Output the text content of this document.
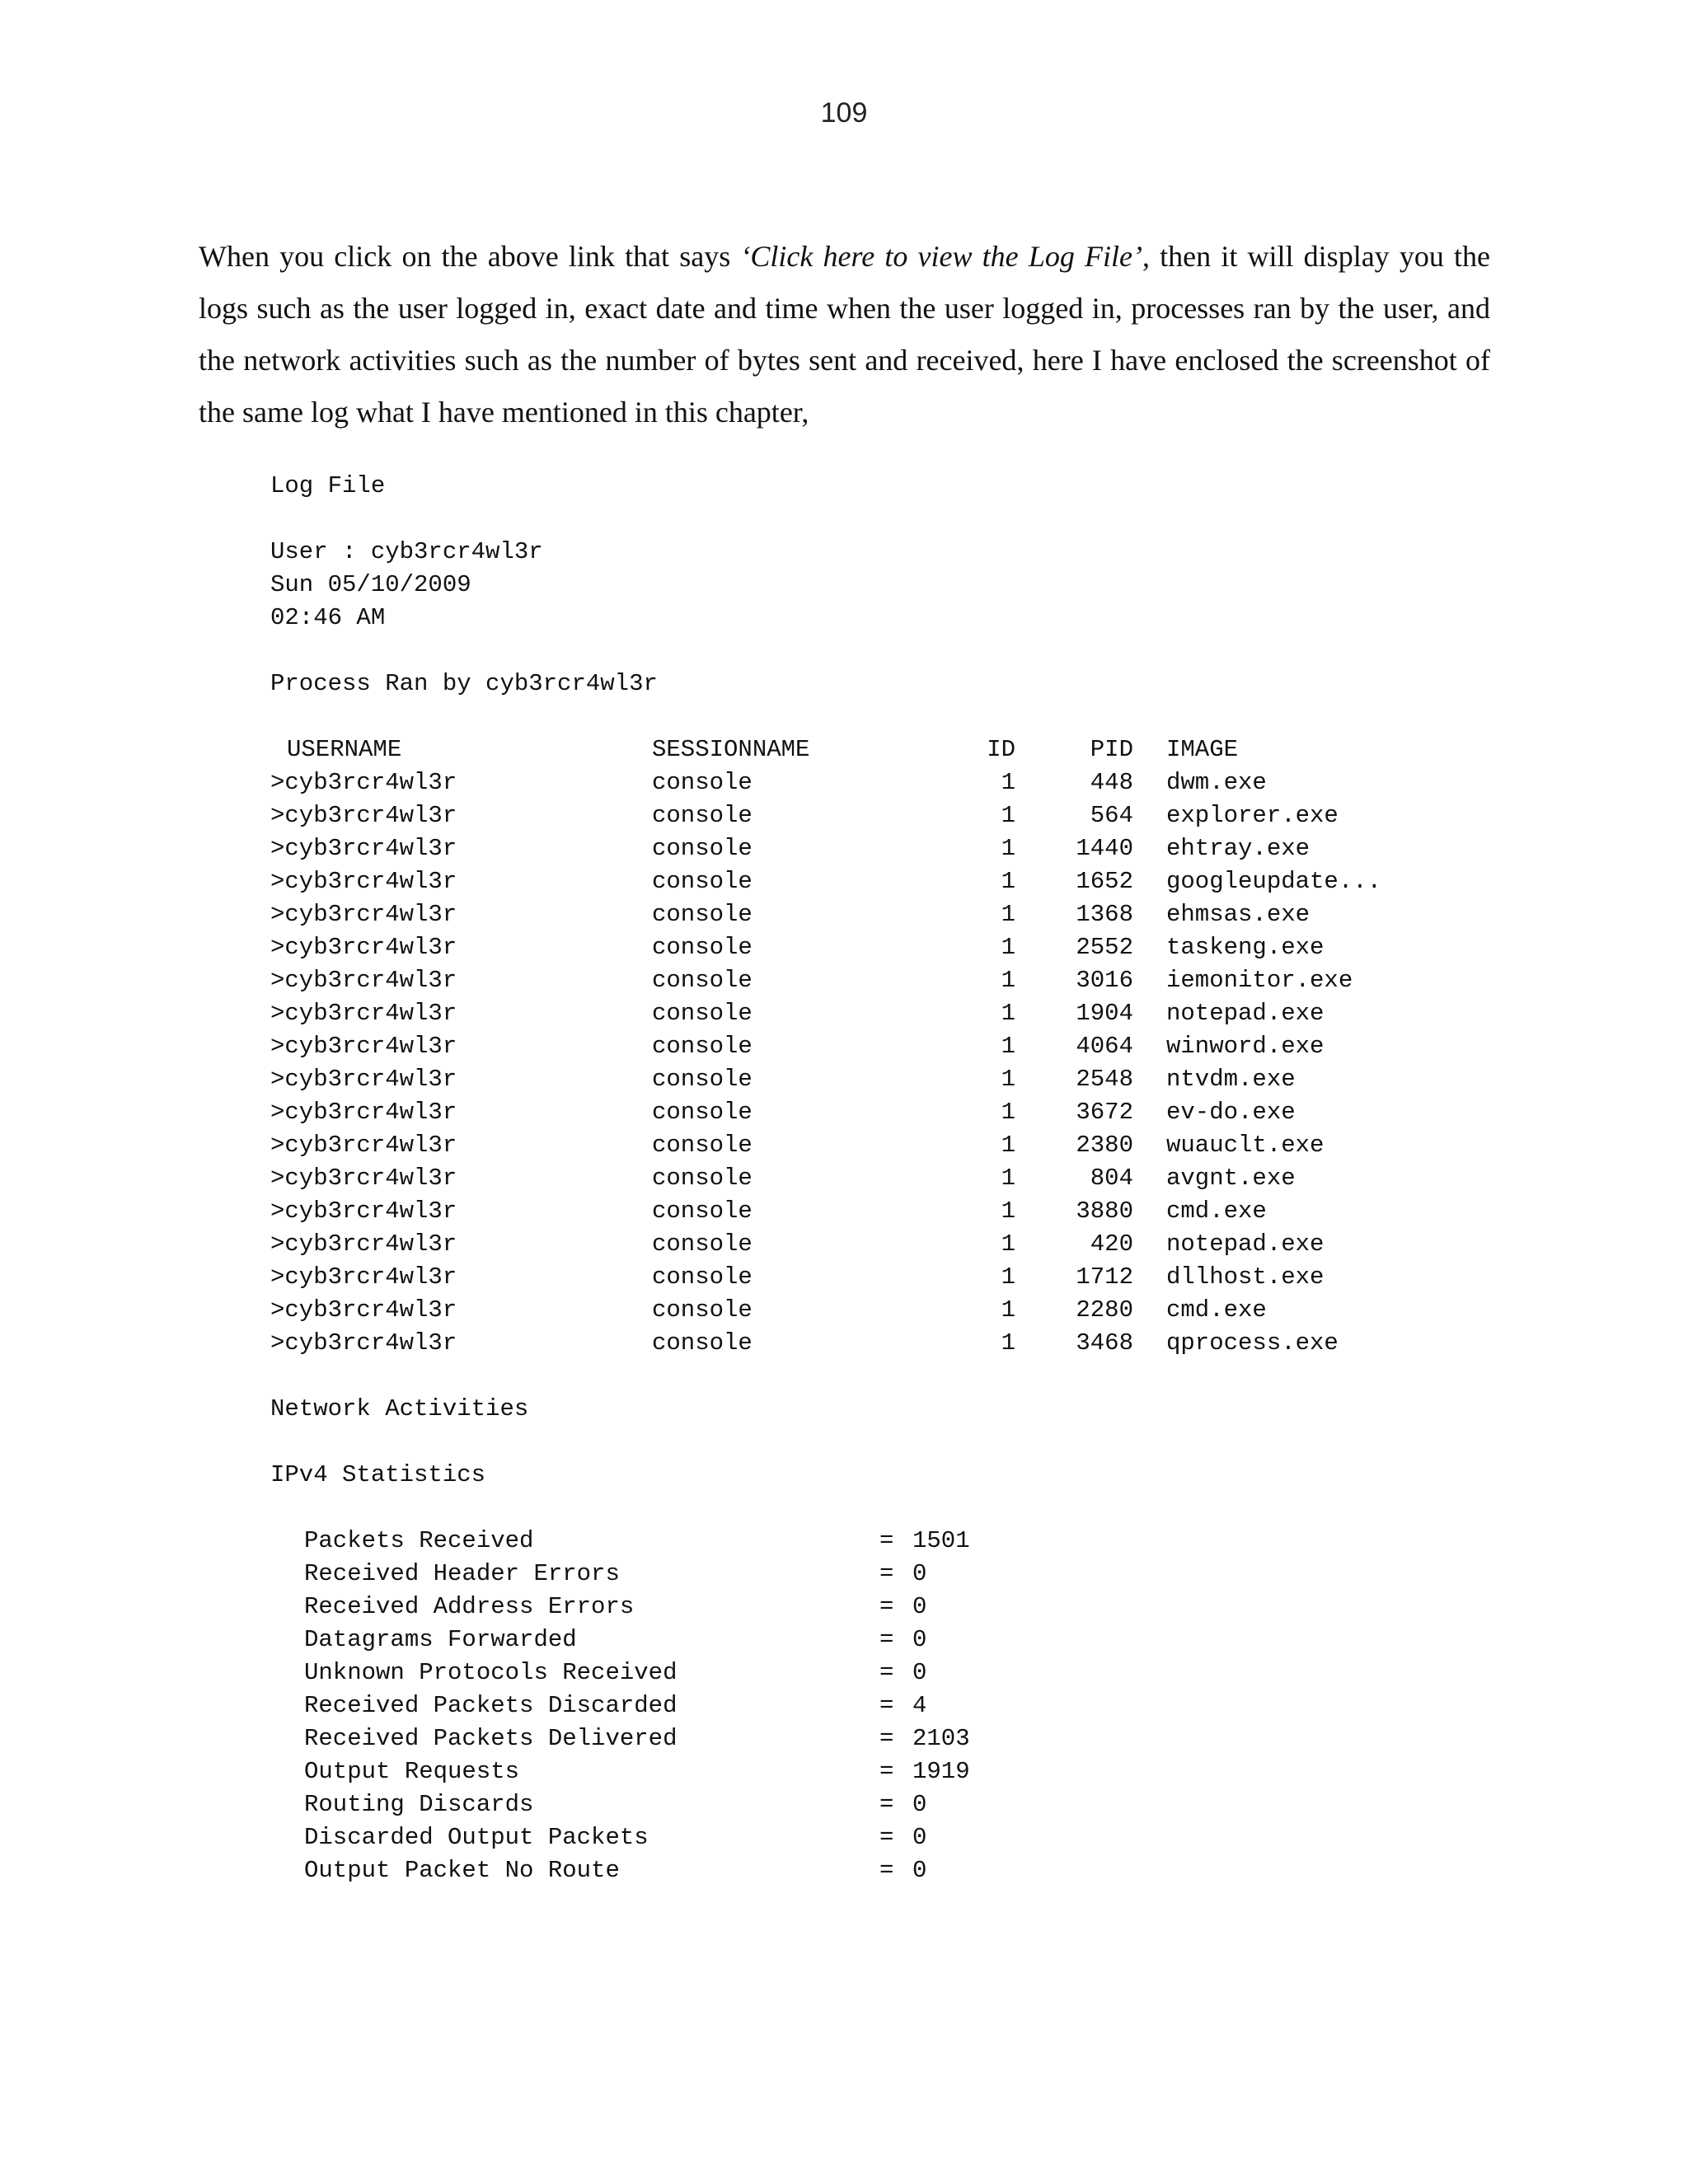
109

When you click on the above link that says ‘Click here to view the Log File’, then it will display you the logs such as the user logged in, exact date and time when the user logged in, processes ran by the user, and the network activities such as the number of bytes sent and received, here I have enclosed the screenshot of the same log what I have mentioned in this chapter,

Log File
User : cyb3rcr4wl3r
Sun 05/10/2009
02:46 AM
Process Ran by cyb3rcr4wl3r
USERNAME	SESSIONNAME	ID	PID	IMAGE
>cyb3rcr4wl3r	console	1	448	dwm.exe
>cyb3rcr4wl3r	console	1	564	explorer.exe
>cyb3rcr4wl3r	console	1	1440	ehtray.exe
>cyb3rcr4wl3r	console	1	1652	googleupdate...
>cyb3rcr4wl3r	console	1	1368	ehmsas.exe
>cyb3rcr4wl3r	console	1	2552	taskeng.exe
>cyb3rcr4wl3r	console	1	3016	iemonitor.exe
>cyb3rcr4wl3r	console	1	1904	notepad.exe
>cyb3rcr4wl3r	console	1	4064	winword.exe
>cyb3rcr4wl3r	console	1	2548	ntvdm.exe
>cyb3rcr4wl3r	console	1	3672	ev-do.exe
>cyb3rcr4wl3r	console	1	2380	wuauclt.exe
>cyb3rcr4wl3r	console	1	804	avgnt.exe
>cyb3rcr4wl3r	console	1	3880	cmd.exe
>cyb3rcr4wl3r	console	1	420	notepad.exe
>cyb3rcr4wl3r	console	1	1712	dllhost.exe
>cyb3rcr4wl3r	console	1	2280	cmd.exe
>cyb3rcr4wl3r	console	1	3468	qprocess.exe
Network Activities
IPv4 Statistics
Packets Received	= 1501
Received Header Errors	= 0
Received Address Errors	= 0
Datagrams Forwarded	= 0
Unknown Protocols Received	= 0
Received Packets Discarded	= 4
Received Packets Delivered	= 2103
Output Requests	= 1919
Routing Discards	= 0
Discarded Output Packets	= 0
Output Packet No Route	= 0
